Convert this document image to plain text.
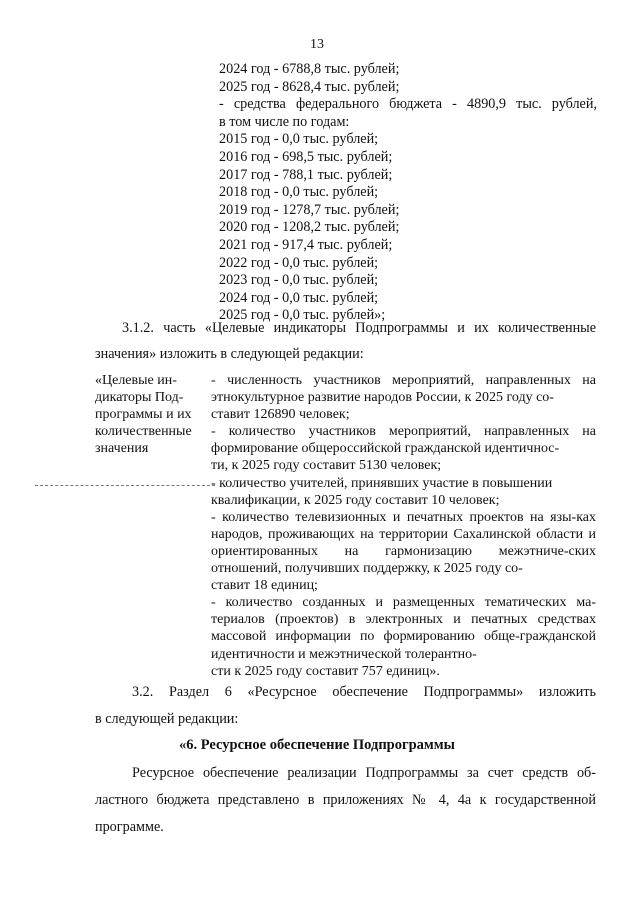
13
2024 год - 6788,8 тыс. рублей;
2025 год - 8628,4 тыс. рублей;
- средства федерального бюджета - 4890,9 тыс. рублей,
в том числе по годам:
2015 год - 0,0 тыс. рублей;
2016 год - 698,5 тыс. рублей;
2017 год - 788,1 тыс. рублей;
2018 год - 0,0 тыс. рублей;
2019 год - 1278,7 тыс. рублей;
2020 год - 1208,2 тыс. рублей;
2021 год - 917,4 тыс. рублей;
2022 год - 0,0 тыс. рублей;
2023 год - 0,0 тыс. рублей;
2024 год - 0,0 тыс. рублей;
2025 год - 0,0 тыс. рублей»;
3.1.2. часть «Целевые индикаторы Подпрограммы и их количественные
значения» изложить в следующей редакции:
«Целевые ин-
дикаторы Под-
программы и их
количественные
значения
- численность участников мероприятий, направленных на этнокультурное развитие народов России, к 2025 году со-
ставит 126890 человек;
- количество участников мероприятий, направленных на формирование общероссийской гражданской идентичнос-
ти, к 2025 году составит 5130 человек;
- количество учителей, принявших участие в повышении
квалификации, к 2025 году составит 10 человек;
- количество телевизионных и печатных проектов на язы-ках народов, проживающих на территории Сахалинской области и ориентированных на гармонизацию межэтниче-ских отношений, получивших поддержку, к 2025 году со-
ставит 18 единиц;
- количество созданных и размещенных тематических ма-териалов (проектов) в электронных и печатных средствах массовой информации по формированию обще-гражданской идентичности и межэтнической толерантно-
сти к 2025 году составит 757 единиц».
3.2. Раздел 6 «Ресурсное обеспечение Подпрограммы» изложить
в следующей редакции:
«6. Ресурсное обеспечение Подпрограммы
Ресурсное обеспечение реализации Подпрограммы за счет средств об-
ластного бюджета представлено в приложениях № 4, 4а к государственной
программе.
